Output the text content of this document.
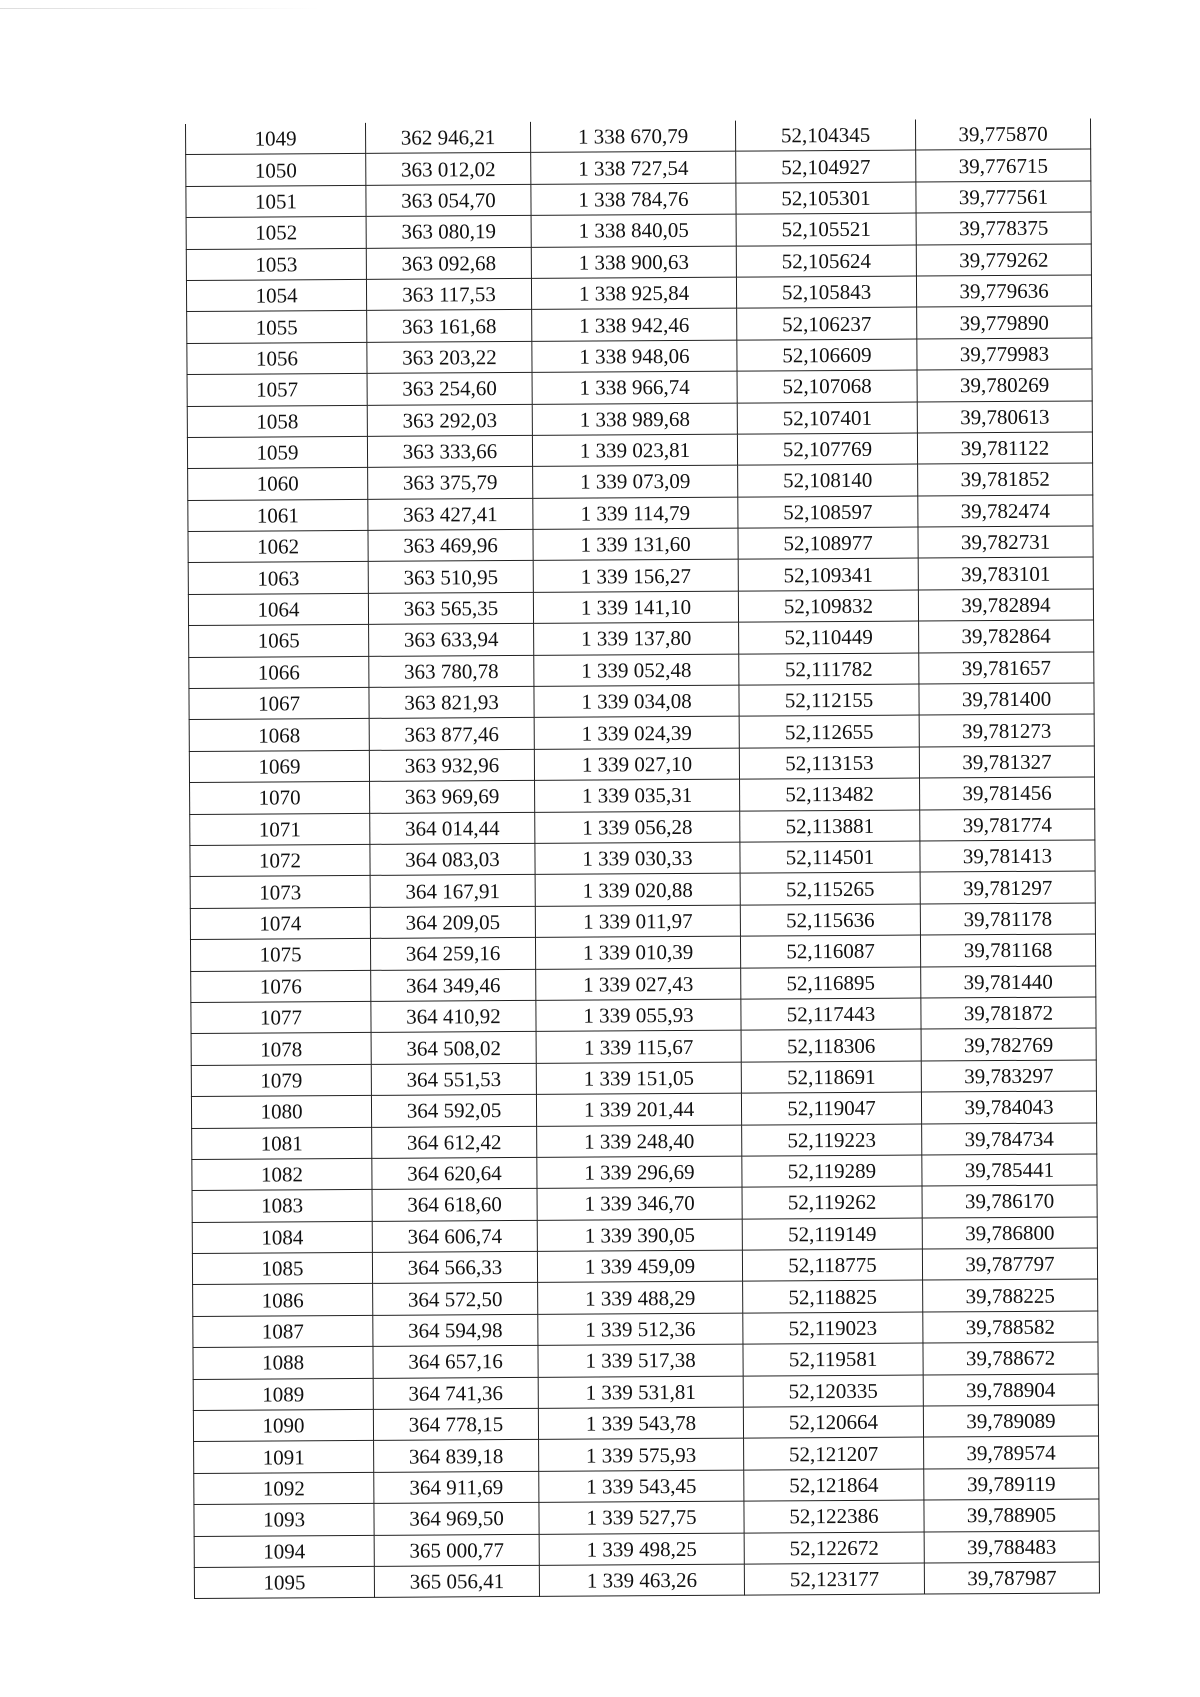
1049	362 946,21	1 338 670,79	52,104345	39,775870
1050	363 012,02	1 338 727,54	52,104927	39,776715
1051	363 054,70	1 338 784,76	52,105301	39,777561
1052	363 080,19	1 338 840,05	52,105521	39,778375
1053	363 092,68	1 338 900,63	52,105624	39,779262
1054	363 117,53	1 338 925,84	52,105843	39,779636
1055	363 161,68	1 338 942,46	52,106237	39,779890
1056	363 203,22	1 338 948,06	52,106609	39,779983
1057	363 254,60	1 338 966,74	52,107068	39,780269
1058	363 292,03	1 338 989,68	52,107401	39,780613
1059	363 333,66	1 339 023,81	52,107769	39,781122
1060	363 375,79	1 339 073,09	52,108140	39,781852
1061	363 427,41	1 339 114,79	52,108597	39,782474
1062	363 469,96	1 339 131,60	52,108977	39,782731
1063	363 510,95	1 339 156,27	52,109341	39,783101
1064	363 565,35	1 339 141,10	52,109832	39,782894
1065	363 633,94	1 339 137,80	52,110449	39,782864
1066	363 780,78	1 339 052,48	52,111782	39,781657
1067	363 821,93	1 339 034,08	52,112155	39,781400
1068	363 877,46	1 339 024,39	52,112655	39,781273
1069	363 932,96	1 339 027,10	52,113153	39,781327
1070	363 969,69	1 339 035,31	52,113482	39,781456
1071	364 014,44	1 339 056,28	52,113881	39,781774
1072	364 083,03	1 339 030,33	52,114501	39,781413
1073	364 167,91	1 339 020,88	52,115265	39,781297
1074	364 209,05	1 339 011,97	52,115636	39,781178
1075	364 259,16	1 339 010,39	52,116087	39,781168
1076	364 349,46	1 339 027,43	52,116895	39,781440
1077	364 410,92	1 339 055,93	52,117443	39,781872
1078	364 508,02	1 339 115,67	52,118306	39,782769
1079	364 551,53	1 339 151,05	52,118691	39,783297
1080	364 592,05	1 339 201,44	52,119047	39,784043
1081	364 612,42	1 339 248,40	52,119223	39,784734
1082	364 620,64	1 339 296,69	52,119289	39,785441
1083	364 618,60	1 339 346,70	52,119262	39,786170
1084	364 606,74	1 339 390,05	52,119149	39,786800
1085	364 566,33	1 339 459,09	52,118775	39,787797
1086	364 572,50	1 339 488,29	52,118825	39,788225
1087	364 594,98	1 339 512,36	52,119023	39,788582
1088	364 657,16	1 339 517,38	52,119581	39,788672
1089	364 741,36	1 339 531,81	52,120335	39,788904
1090	364 778,15	1 339 543,78	52,120664	39,789089
1091	364 839,18	1 339 575,93	52,121207	39,789574
1092	364 911,69	1 339 543,45	52,121864	39,789119
1093	364 969,50	1 339 527,75	52,122386	39,788905
1094	365 000,77	1 339 498,25	52,122672	39,788483
1095	365 056,41	1 339 463,26	52,123177	39,787987
